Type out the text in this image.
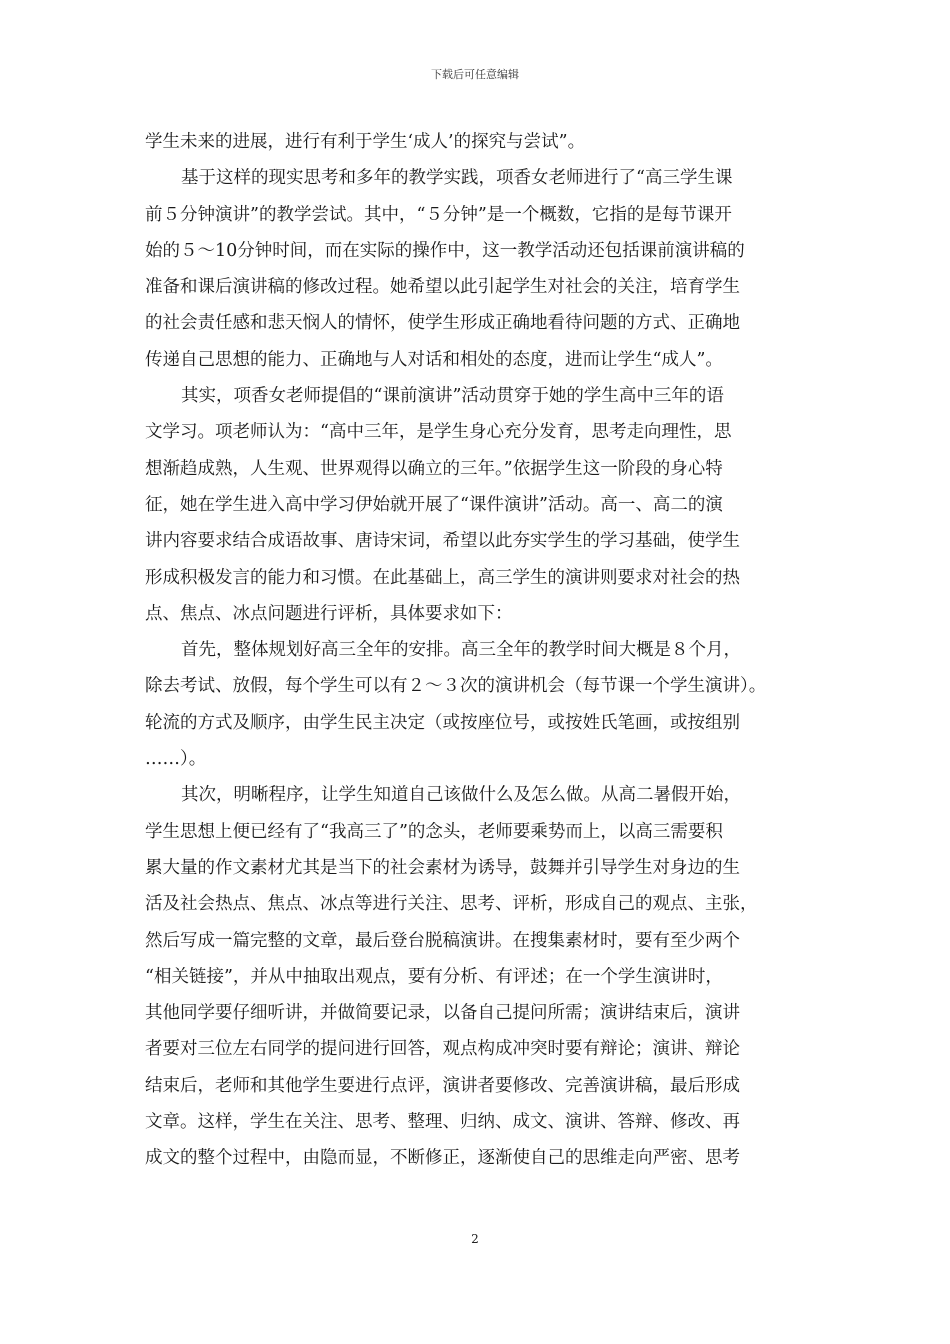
下载后可任意编辑
学生未来的进展，进行有利于学生‘成人’的探究与尝试”。
基于这样的现实思考和多年的教学实践，项香女老师进行了“高三学生课
前５分钟演讲”的教学尝试。其中，“５分钟”是一个概数，它指的是每节课开
始的５～10分钟时间，而在实际的操作中，这一教学活动还包括课前演讲稿的
准备和课后演讲稿的修改过程。她希望以此引起学生对社会的关注，培育学生
的社会责任感和悲天悯人的情怀，使学生形成正确地看待问题的方式、正确地
传递自己思想的能力、正确地与人对话和相处的态度，进而让学生“成人”。
其实，项香女老师提倡的“课前演讲”活动贯穿于她的学生高中三年的语
文学习。项老师认为：“高中三年，是学生身心充分发育，思考走向理性，思
想渐趋成熟，人生观、世界观得以确立的三年。”依据学生这一阶段的身心特
征，她在学生进入高中学习伊始就开展了“课件演讲”活动。高一、高二的演
讲内容要求结合成语故事、唐诗宋词，希望以此夯实学生的学习基础，使学生
形成积极发言的能力和习惯。在此基础上，高三学生的演讲则要求对社会的热
点、焦点、冰点问题进行评析，具体要求如下：
首先，整体规划好高三全年的安排。高三全年的教学时间大概是８个月，
除去考试、放假，每个学生可以有２～３次的演讲机会（每节课一个学生演讲）。
轮流的方式及顺序，由学生民主决定（或按座位号，或按姓氏笔画，或按组别
……）。
其次，明晰程序，让学生知道自己该做什么及怎么做。从高二暑假开始，
学生思想上便已经有了“我高三了”的念头，老师要乘势而上，以高三需要积
累大量的作文素材尤其是当下的社会素材为诱导，鼓舞并引导学生对身边的生
活及社会热点、焦点、冰点等进行关注、思考、评析，形成自己的观点、主张，
然后写成一篇完整的文章，最后登台脱稿演讲。在搜集素材时，要有至少两个
“相关链接”，并从中抽取出观点，要有分析、有评述；在一个学生演讲时，
其他同学要仔细听讲，并做简要记录，以备自己提问所需；演讲结束后，演讲
者要对三位左右同学的提问进行回答，观点构成冲突时要有辩论；演讲、辩论
结束后，老师和其他学生要进行点评，演讲者要修改、完善演讲稿，最后形成
文章。这样，学生在关注、思考、整理、归纳、成文、演讲、答辩、修改、再
成文的整个过程中，由隐而显，不断修正，逐渐使自己的思维走向严密、思考
2
